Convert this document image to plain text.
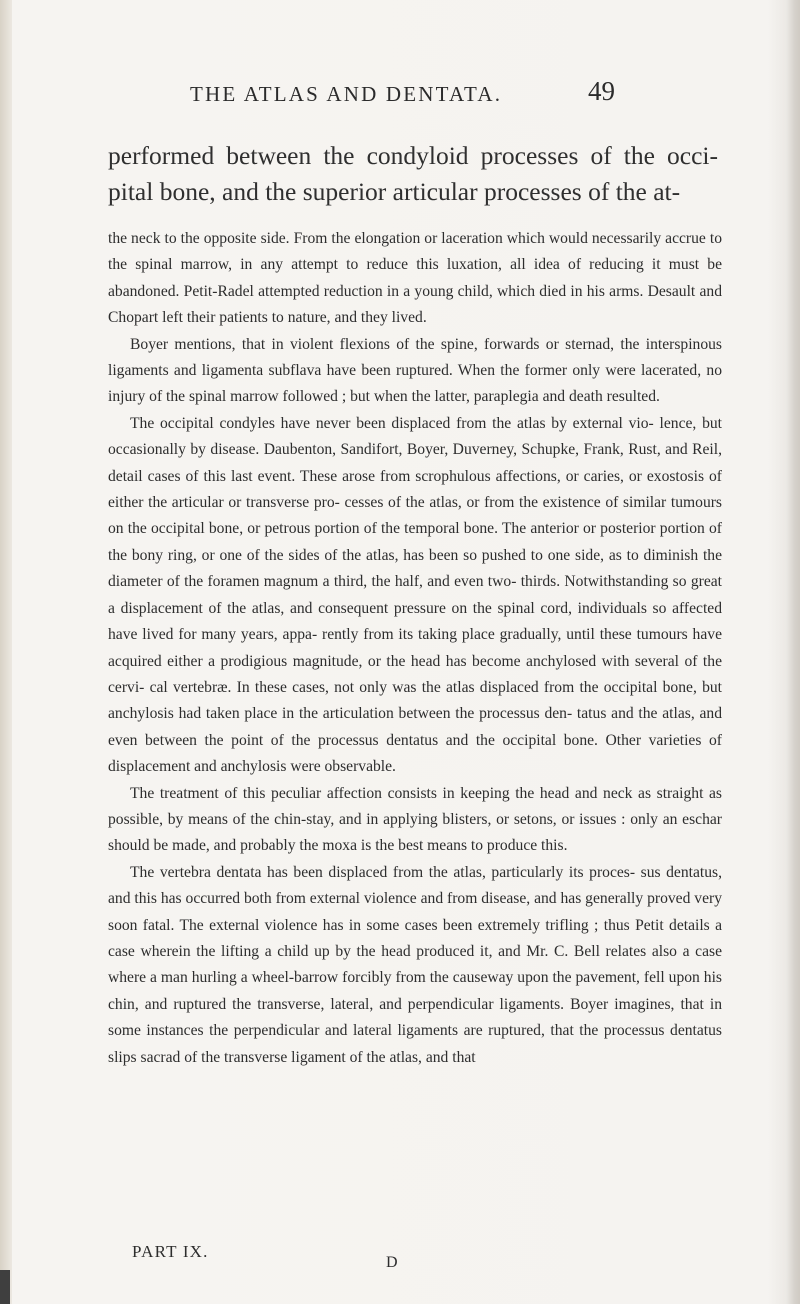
THE ATLAS AND DENTATA.	49

performed between the condyloid processes of the occi- pital bone, and the superior articular processes of the at-

the neck to the opposite side. From the elongation or laceration which would necessarily accrue to the spinal marrow, in any attempt to reduce this luxation, all idea of reducing it must be abandoned. Petit-Radel attempted reduction in a young child, which died in his arms. Desault and Chopart left their patients to nature, and they lived.

Boyer mentions, that in violent flexions of the spine, forwards or sternad, the interspinous ligaments and ligamenta subflava have been ruptured. When the former only were lacerated, no injury of the spinal marrow followed ; but when the latter, paraplegia and death resulted.

The occipital condyles have never been displaced from the atlas by external vio- lence, but occasionally by disease. Daubenton, Sandifort, Boyer, Duverney, Schupke, Frank, Rust, and Reil, detail cases of this last event. These arose from scrophulous affections, or caries, or exostosis of either the articular or transverse pro- cesses of the atlas, or from the existence of similar tumours on the occipital bone, or petrous portion of the temporal bone. The anterior or posterior portion of the bony ring, or one of the sides of the atlas, has been so pushed to one side, as to diminish the diameter of the foramen magnum a third, the half, and even two- thirds. Notwithstanding so great a displacement of the atlas, and consequent pressure on the spinal cord, individuals so affected have lived for many years, appa- rently from its taking place gradually, until these tumours have acquired either a prodigious magnitude, or the head has become anchylosed with several of the cervi- cal vertebræ. In these cases, not only was the atlas displaced from the occipital bone, but anchylosis had taken place in the articulation between the processus den- tatus and the atlas, and even between the point of the processus dentatus and the occipital bone. Other varieties of displacement and anchylosis were observable.

The treatment of this peculiar affection consists in keeping the head and neck as straight as possible, by means of the chin-stay, and in applying blisters, or setons, or issues : only an eschar should be made, and probably the moxa is the best means to produce this.

The vertebra dentata has been displaced from the atlas, particularly its proces- sus dentatus, and this has occurred both from external violence and from disease, and has generally proved very soon fatal. The external violence has in some cases been extremely trifling ; thus Petit details a case wherein the lifting a child up by the head produced it, and Mr. C. Bell relates also a case where a man hurling a wheel-barrow forcibly from the causeway upon the pavement, fell upon his chin, and ruptured the transverse, lateral, and perpendicular ligaments. Boyer imagines, that in some instances the perpendicular and lateral ligaments are ruptured, that the processus dentatus slips sacrad of the transverse ligament of the atlas, and that

PART IX.
D
